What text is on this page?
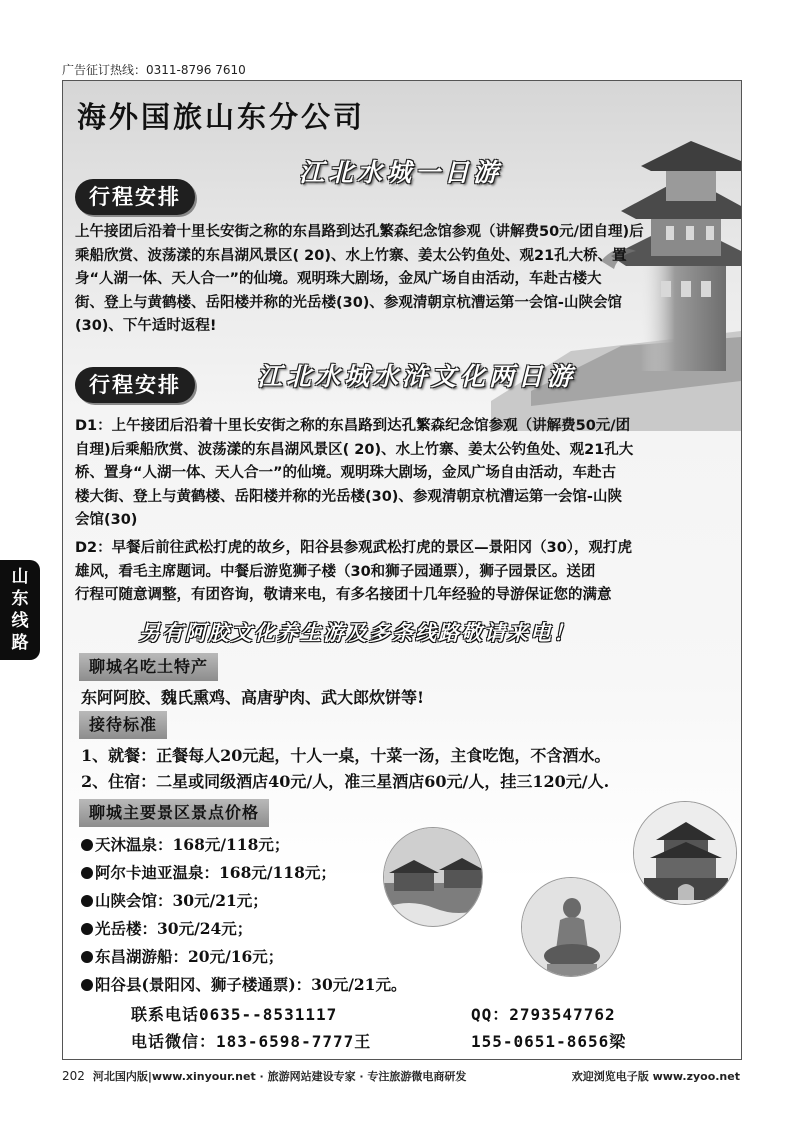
广告征订热线：0311-8796 7610
海外国旅山东分公司
江北水城一日游
行程安排
上午接团后沿着十里长安街之称的东昌路到达孔繁森纪念馆参观（讲解费50元/团自理)后
乘船欣赏、波荡漾的东昌湖风景区( 20)、水上竹寨、姜太公钓鱼处、观21孔大桥、置
身“人湖一体、天人合一”的仙境。观明珠大剧场，金凤广场自由活动，车赴古楼大
街、登上与黄鹤楼、岳阳楼并称的光岳楼(30)、参观清朝京杭漕运第一会馆-山陕会馆
(30)、下午适时返程!
江北水城水浒文化两日游
行程安排
D1：上午接团后沿着十里长安街之称的东昌路到达孔繁森纪念馆参观（讲解费50元/团
自理)后乘船欣赏、波荡漾的东昌湖风景区( 20)、水上竹寨、姜太公钓鱼处、观21孔大
桥、置身“人湖一体、天人合一”的仙境。观明珠大剧场，金凤广场自由活动，车赴古
楼大街、登上与黄鹤楼、岳阳楼并称的光岳楼(30)、参观清朝京杭漕运第一会馆-山陕
会馆(30)
D2：早餐后前往武松打虎的故乡，阳谷县参观武松打虎的景区—景阳冈（30），观打虎
雄风，看毛主席题词。中餐后游览狮子楼（30和狮子园通票），狮子园景区。送团
行程可随意调整，有团咨询，敬请来电，有多名接团十几年经验的导游保证您的满意
另有阿胶文化养生游及多条线路敬请来电！
聊城名吃土特产
东阿阿胶、魏氏熏鸡、高唐驴肉、武大郎炊饼等!
接待标准
1、就餐：正餐每人20元起，十人一桌，十菜一汤，主食吃饱，不含酒水。
2、住宿：二星或同级酒店40元/人，准三星酒店60元/人，挂三120元/人.
聊城主要景区景点价格
天沐温泉：168元/118元；
阿尔卡迪亚温泉：168元/118元；
山陕会馆：30元/21元；
光岳楼：30元/24元；
东昌湖游船：20元/16元；
阳谷县(景阳冈、狮子楼通票)：30元/21元。
联系电话0635--8531117	QQ：2793547762
电话微信：183-6598-7777王	155-0651-8656梁
山
东
线
路
202 河北国内版|www.xinyour.net · 旅游网站建设专家 · 专注旅游微电商研发	欢迎浏览电子版 www.zyoo.net
